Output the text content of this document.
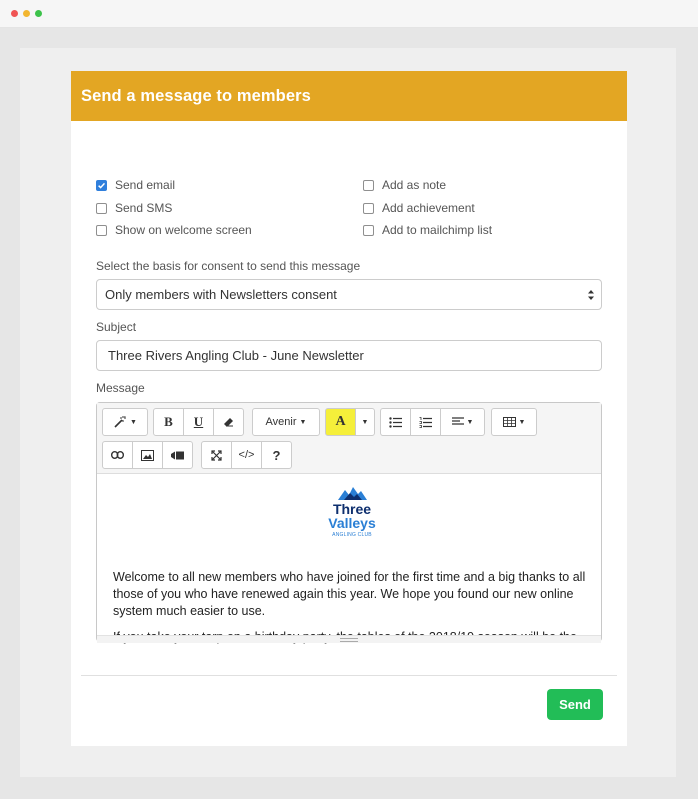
Send a message to members
Send email
Send SMS
Show on welcome screen
Add as note
Add achievement
Add to mailchimp list
Select the basis for consent to send this message
Only members with Newsletters consent
Subject
Three Rivers Angling Club - June Newsletter
Message
▼	B	U	Avenir ▼	A	▼	▼	▼
</>	?
Three
Valleys
ANGLING CLUB

Welcome to all new members who have joined for the first time and a big thanks to all those of you who have renewed again this year. We hope you found our new online system much easier to use.

Send
